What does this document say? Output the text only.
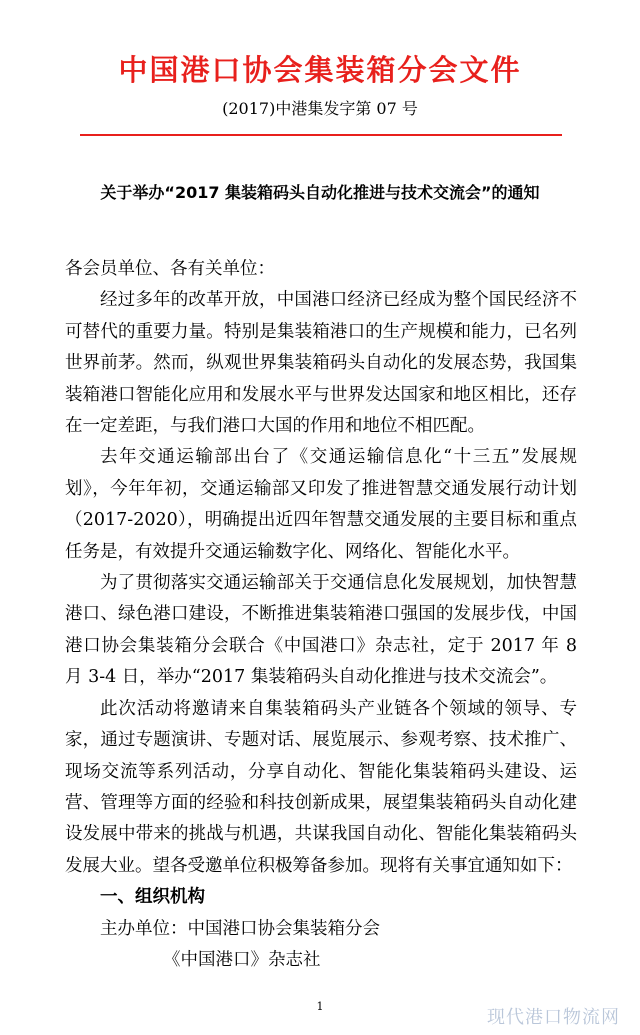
中国港口协会集装箱分会文件
(2017)中港集发字第 07 号
关于举办“2017 集装箱码头自动化推进与技术交流会”的通知

各会员单位、各有关单位：

经过多年的改革开放，中国港口经济已经成为整个国民经济不可替代的重要力量。特别是集装箱港口的生产规模和能力，已名列世界前茅。然而，纵观世界集装箱码头自动化的发展态势，我国集装箱港口智能化应用和发展水平与世界发达国家和地区相比，还存在一定差距，与我们港口大国的作用和地位不相匹配。

去年交通运输部出台了《交通运输信息化“十三五”发展规划》，今年年初，交通运输部又印发了推进智慧交通发展行动计划（2017-2020），明确提出近四年智慧交通发展的主要目标和重点任务是，有效提升交通运输数字化、网络化、智能化水平。

为了贯彻落实交通运输部关于交通信息化发展规划，加快智慧港口、绿色港口建设，不断推进集装箱港口强国的发展步伐，中国港口协会集装箱分会联合《中国港口》杂志社，定于 2017 年 8 月 3-4 日，举办“2017 集装箱码头自动化推进与技术交流会”。

此次活动将邀请来自集装箱码头产业链各个领域的领导、专家，通过专题演讲、专题对话、展览展示、参观考察、技术推广、现场交流等系列活动，分享自动化、智能化集装箱码头建设、运营、管理等方面的经验和科技创新成果，展望集装箱码头自动化建设发展中带来的挑战与机遇，共谋我国自动化、智能化集装箱码头发展大业。望各受邀单位积极筹备参加。现将有关事宜通知如下：

一、组织机构

主办单位：中国港口协会集装箱分会

《中国港口》杂志社

1
现代港口物流网
